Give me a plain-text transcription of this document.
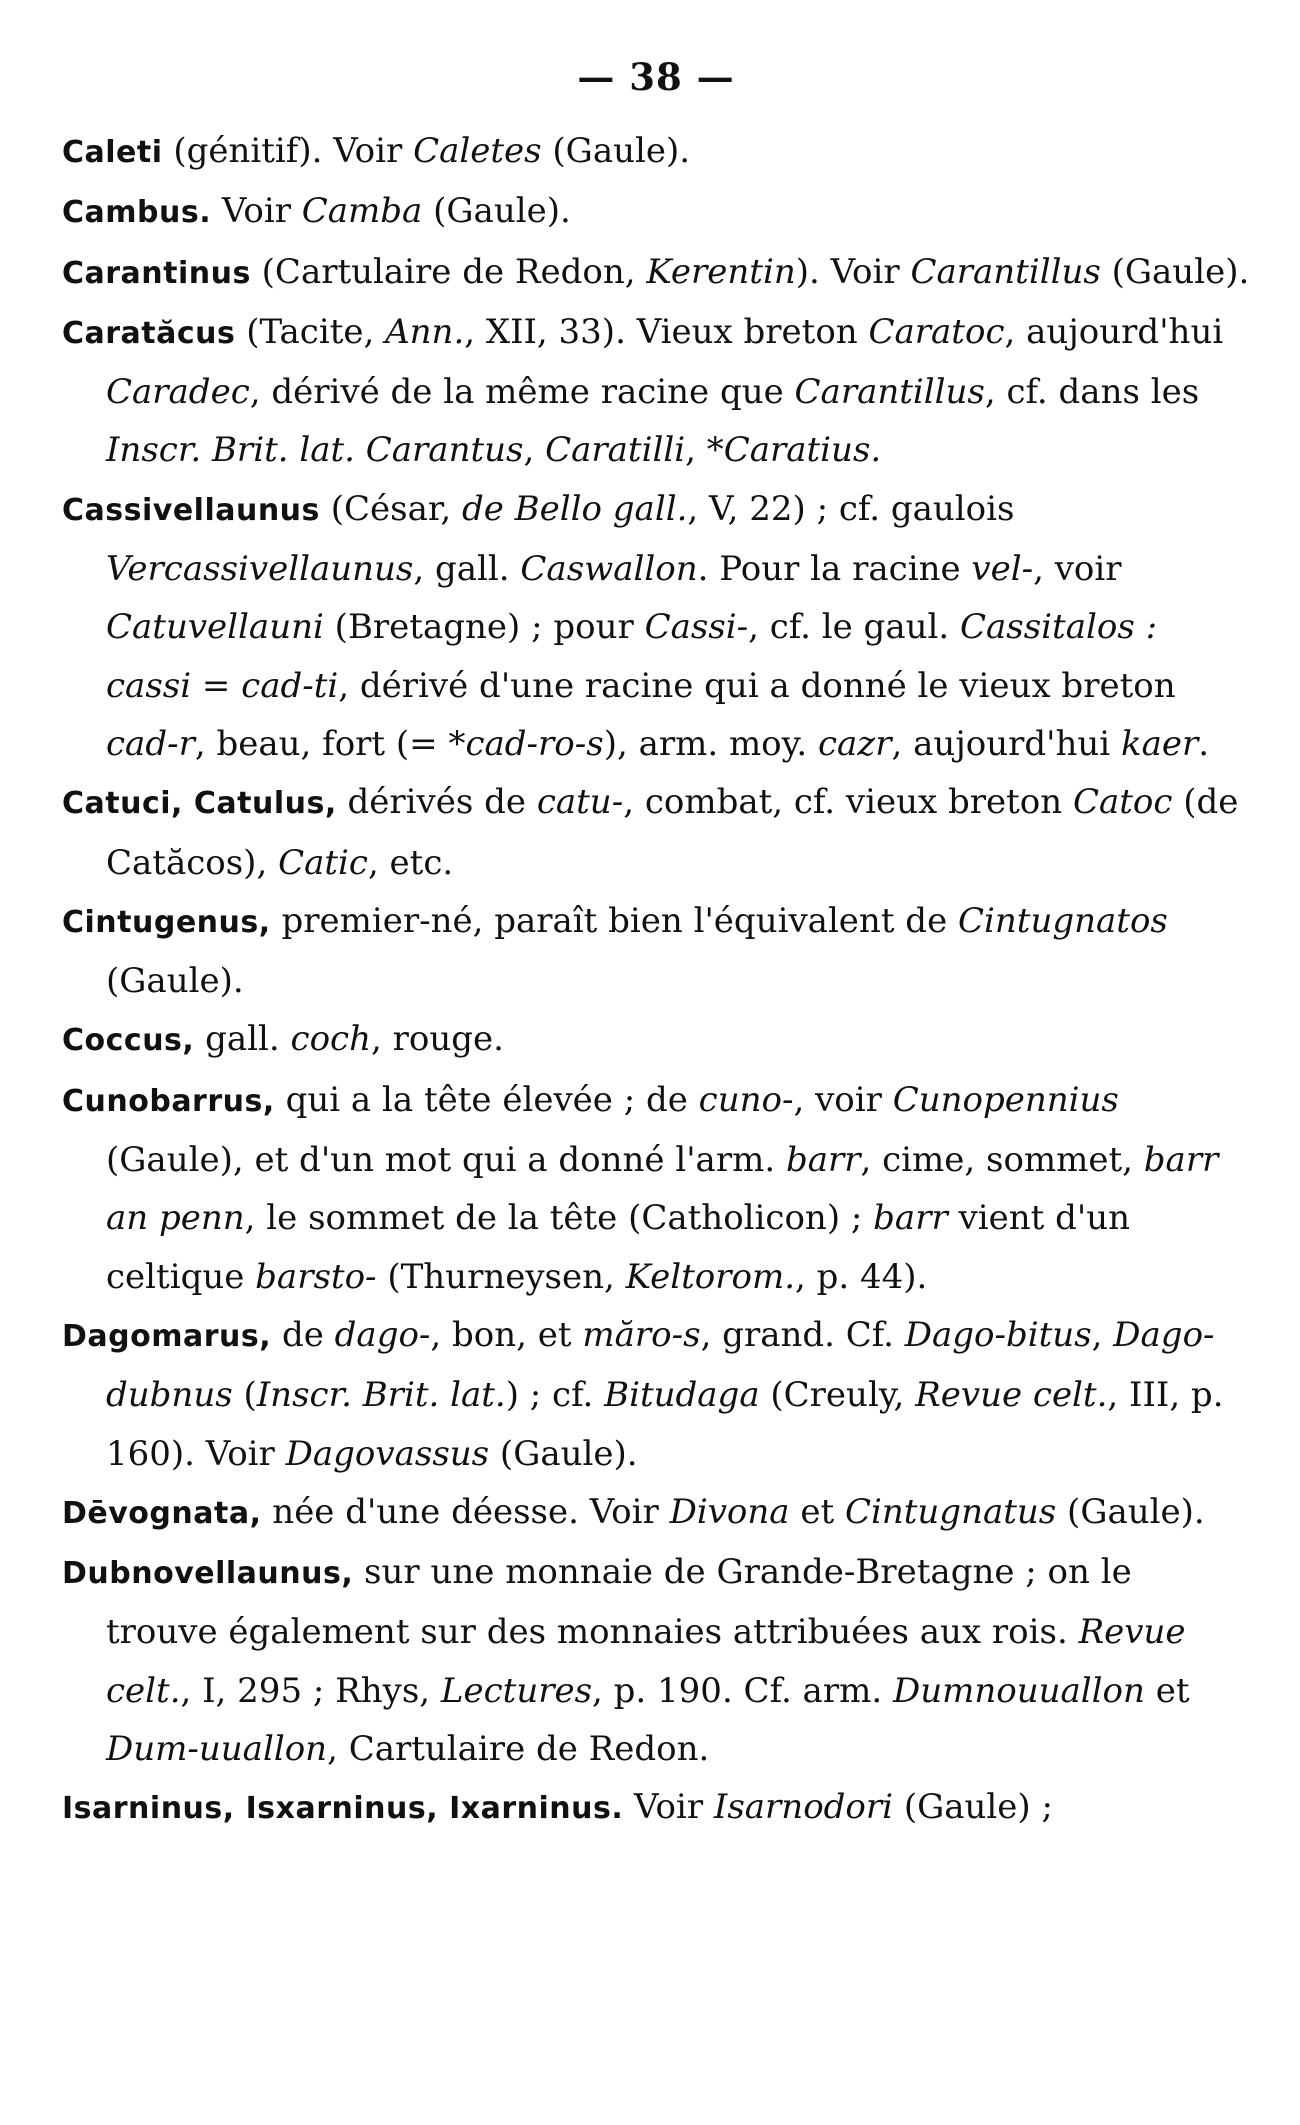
— 38 —

Caleti (génitif). Voir Caletes (Gaule).

Cambus. Voir Camba (Gaule).

Carantinus (Cartulaire de Redon, Kerentin). Voir Carantillus (Gaule).

Caratăcus (Tacite, Ann., XII, 33). Vieux breton Caratoc, aujourd'hui Caradec, dérivé de la même racine que Carantillus, cf. dans les Inscr. Brit. lat. Carantus, Caratilli, *Caratius.

Cassivellaunus (César, de Bello gall., V, 22) ; cf. gaulois Vercassivellaunus, gall. Caswallon. Pour la racine vel-, voir Catuvellauni (Bretagne) ; pour Cassi-, cf. le gaul. Cassitalos : cassi = cad-ti, dérivé d'une racine qui a donné le vieux breton cad-r, beau, fort (= *cad-ro-s), arm. moy. cazr, aujourd'hui kaer.

Catuci, Catulus, dérivés de catu-, combat, cf. vieux breton Catoc (de Catăcos), Catic, etc.

Cintugenus, premier-né, paraît bien l'équivalent de Cintugnatos (Gaule).

Coccus, gall. coch, rouge.

Cunobarrus, qui a la tête élevée ; de cuno-, voir Cunopennius (Gaule), et d'un mot qui a donné l'arm. barr, cime, sommet, barr an penn, le sommet de la tête (Catholicon) ; barr vient d'un celtique barsto- (Thurneysen, Keltorom., p. 44).

Dagomarus, de dago-, bon, et măro-s, grand. Cf. Dago-bitus, Dago-dubnus (Inscr. Brit. lat.) ; cf. Bitudaga (Creuly, Revue celt., III, p. 160). Voir Dagovassus (Gaule).

Dēvognata, née d'une déesse. Voir Divona et Cintugnatus (Gaule).

Dubnovellaunus, sur une monnaie de Grande-Bretagne ; on le trouve également sur des monnaies attribuées aux rois. Revue celt., I, 295 ; Rhys, Lectures, p. 190. Cf. arm. Dumnouuallon et Dum-uuallon, Cartulaire de Redon.

Isarninus, Isxarninus, Ixarninus. Voir Isarnodori (Gaule) ;
